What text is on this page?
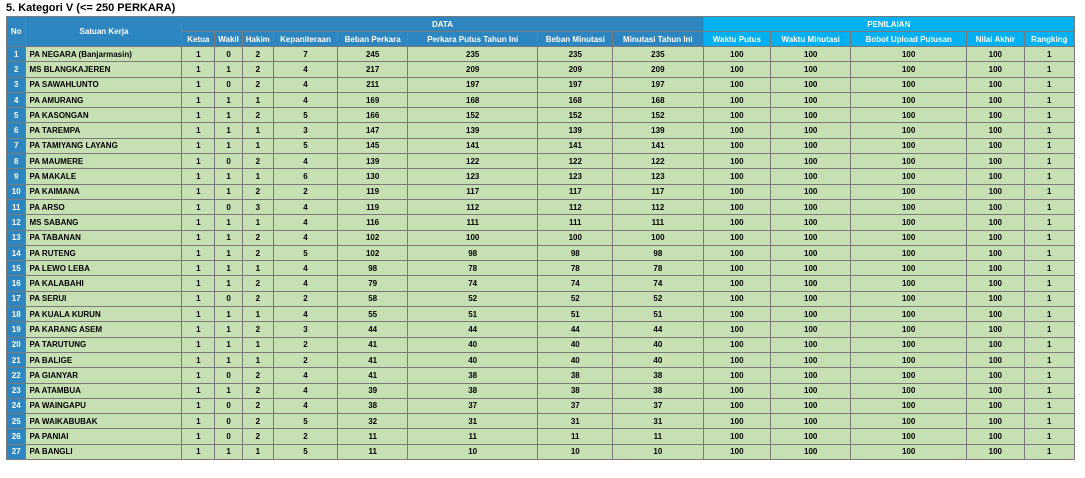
5. Kategori V (<= 250 PERKARA)
No	Satuan Kerja	DATA								PENILAIAN				
		Ketua	Wakil	Hakim	Kepaniteraan	Beban Perkara	Perkara Putus Tahun Ini	Beban Minutasi	Minutasi Tahun Ini	Waktu Putus	Waktu Minutasi	Bobot Upload Putusan	Nilai Akhir	Rangking
1	PA NEGARA (Banjarmasin)	1	0	2	7	245	235	235	235	100	100	100	100	1
2	MS BLANGKAJEREN	1	1	2	4	217	209	209	209	100	100	100	100	1
3	PA SAWAHLUNTO	1	0	2	4	211	197	197	197	100	100	100	100	1
4	PA AMURANG	1	1	1	4	169	168	168	168	100	100	100	100	1
5	PA KASONGAN	1	1	2	5	166	152	152	152	100	100	100	100	1
6	PA TAREMPA	1	1	1	3	147	139	139	139	100	100	100	100	1
7	PA TAMIYANG LAYANG	1	1	1	5	145	141	141	141	100	100	100	100	1
8	PA MAUMERE	1	0	2	4	139	122	122	122	100	100	100	100	1
9	PA MAKALE	1	1	1	6	130	123	123	123	100	100	100	100	1
10	PA KAIMANA	1	1	2	2	119	117	117	117	100	100	100	100	1
11	PA ARSO	1	0	3	4	119	112	112	112	100	100	100	100	1
12	MS SABANG	1	1	1	4	116	111	111	111	100	100	100	100	1
13	PA TABANAN	1	1	2	4	102	100	100	100	100	100	100	100	1
14	PA RUTENG	1	1	2	5	102	98	98	98	100	100	100	100	1
15	PA LEWO LEBA	1	1	1	4	98	78	78	78	100	100	100	100	1
16	PA KALABAHI	1	1	2	4	79	74	74	74	100	100	100	100	1
17	PA SERUI	1	0	2	2	58	52	52	52	100	100	100	100	1
18	PA KUALA KURUN	1	1	1	4	55	51	51	51	100	100	100	100	1
19	PA KARANG ASEM	1	1	2	3	44	44	44	44	100	100	100	100	1
20	PA TARUTUNG	1	1	1	2	41	40	40	40	100	100	100	100	1
21	PA BALIGE	1	1	1	2	41	40	40	40	100	100	100	100	1
22	PA GIANYAR	1	0	2	4	41	38	38	38	100	100	100	100	1
23	PA ATAMBUA	1	1	2	4	39	38	38	38	100	100	100	100	1
24	PA WAINGAPU	1	0	2	4	38	37	37	37	100	100	100	100	1
25	PA WAIKABUBAK	1	0	2	5	32	31	31	31	100	100	100	100	1
26	PA PANIAI	1	0	2	2	11	11	11	11	100	100	100	100	1
27	PA BANGLI	1	1	1	5	11	10	10	10	100	100	100	100	1
